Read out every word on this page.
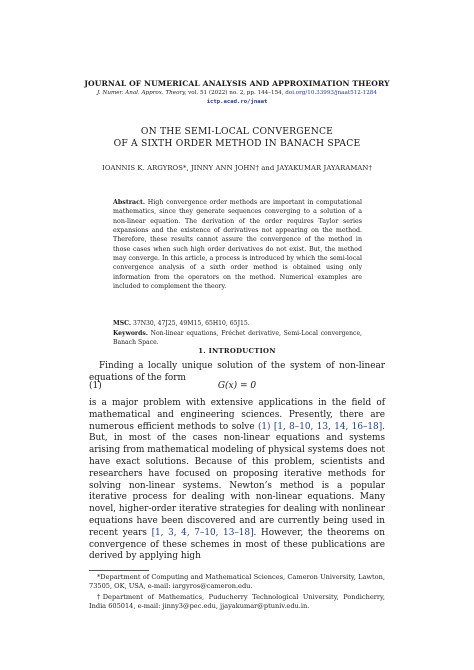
JOURNAL OF NUMERICAL ANALYSIS AND APPROXIMATION THEORY
J. Numer. Anal. Approx. Theory, vol. 51 (2022) no. 2, pp. 144–154, doi.org/10.33993/jnaat512-1284
ictp.acad.ro/jnaat
ON THE SEMI-LOCAL CONVERGENCE
OF A SIXTH ORDER METHOD IN BANACH SPACE
IOANNIS K. ARGYROS*, JINNY ANN JOHN† and JAYAKUMAR JAYARAMAN†

Abstract. High convergence order methods are important in computational mathematics, since they generate sequences converging to a solution of a non-linear equation. The derivation of the order requires Taylor series expansions and the existence of derivatives not appearing on the method. Therefore, these results cannot assure the convergence of the method in those cases when such high order derivatives do not exist. But, the method may converge. In this article, a process is introduced by which the semi-local convergence analysis of a sixth order method is obtained using only information from the operators on the method. Numerical examples are included to complement the theory.

MSC. 37N30, 47J25, 49M15, 65H10, 65J15.
Keywords. Non-linear equations, Fréchet derivative, Semi-Local convergence, Banach Space.
1. INTRODUCTION
Finding a locally unique solution of the system of non-linear equations of the form
(1)	G(x) = 0
is a major problem with extensive applications in the field of mathematical and engineering sciences. Presently, there are numerous efficient methods to solve (1) [1, 8–10, 13, 14, 16–18]. But, in most of the cases non-linear equations and systems arising from mathematical modeling of physical systems does not have exact solutions. Because of this problem, scientists and researchers have focused on proposing iterative methods for solving non-linear systems. Newton’s method is a popular iterative process for dealing with non-linear equations. Many novel, higher-order iterative strategies for dealing with nonlinear equations have been discovered and are currently being used in recent years [1, 3, 4, 7–10, 13–18]. However, the theorems on convergence of these schemes in most of these publications are derived by applying high
*Department of Computing and Mathematical Sciences, Cameron University, Lawton, 73505, OK, USA, e-mail: iargyros@cameron.edu.
†Department of Mathematics, Puducherry Technological University, Pondicherry, India 605014, e-mail: jinny3@pec.edu, jjayakumar@ptuniv.edu.in.
